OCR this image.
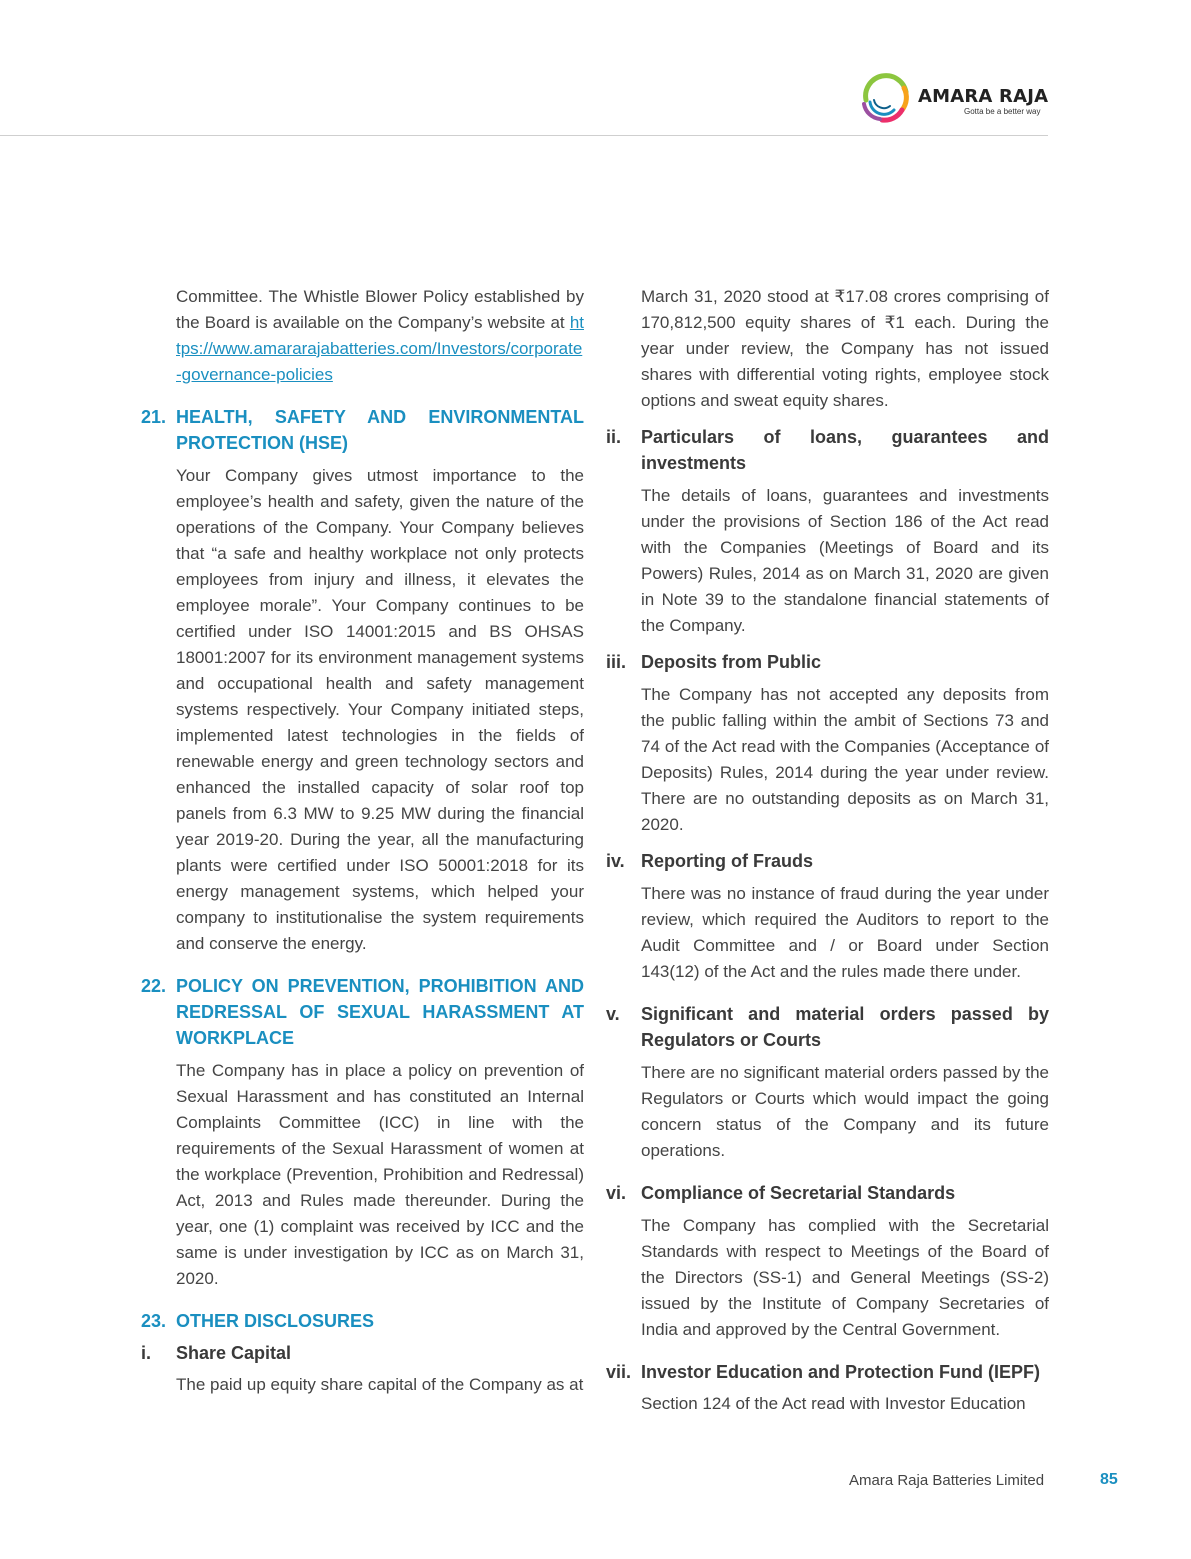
AMARA RAJA
Gotta be a better way

Committee. The Whistle Blower Policy established by the Board is available on the Company’s website at https://www.amararajabatteries.com/Investors/corporate-governance-policies

21. HEALTH, SAFETY AND ENVIRONMENTAL PROTECTION (HSE)

Your Company gives utmost importance to the employee’s health and safety, given the nature of the operations of the Company. Your Company believes that “a safe and healthy workplace not only protects employees from injury and illness, it elevates the employee morale”. Your Company continues to be certified under ISO 14001:2015 and BS OHSAS 18001:2007 for its environment management systems and occupational health and safety management systems respectively. Your Company initiated steps, implemented latest technologies in the fields of renewable energy and green technology sectors and enhanced the installed capacity of solar roof top panels from 6.3 MW to 9.25 MW during the financial year 2019-20. During the year, all the manufacturing plants were certified under ISO 50001:2018 for its energy management systems, which helped your company to institutionalise the system requirements and conserve the energy.

22. POLICY ON PREVENTION, PROHIBITION AND REDRESSAL OF SEXUAL HARASSMENT AT WORKPLACE

The Company has in place a policy on prevention of Sexual Harassment and has constituted an Internal Complaints Committee (ICC) in line with the requirements of the Sexual Harassment of women at the workplace (Prevention, Prohibition and Redressal) Act, 2013 and Rules made thereunder. During the year, one (1) complaint was received by ICC and the same is under investigation by ICC as on March 31, 2020.

23. OTHER DISCLOSURES
i. Share Capital

The paid up equity share capital of the Company as at

March 31, 2020 stood at ₹17.08 crores comprising of 170,812,500 equity shares of ₹1 each. During the year under review, the Company has not issued shares with differential voting rights, employee stock options and sweat equity shares.

ii. Particulars of loans, guarantees and investments

The details of loans, guarantees and investments under the provisions of Section 186 of the Act read with the Companies (Meetings of Board and its Powers) Rules, 2014 as on March 31, 2020 are given in Note 39 to the standalone financial statements of the Company.

iii. Deposits from Public

The Company has not accepted any deposits from the public falling within the ambit of Sections 73 and 74 of the Act read with the Companies (Acceptance of Deposits) Rules, 2014 during the year under review. There are no outstanding deposits as on March 31, 2020.

iv. Reporting of Frauds

There was no instance of fraud during the year under review, which required the Auditors to report to the Audit Committee and / or Board under Section 143(12) of the Act and the rules made there under.

v. Significant and material orders passed by Regulators or Courts

There are no significant material orders passed by the Regulators or Courts which would impact the going concern status of the Company and its future operations.

vi. Compliance of Secretarial Standards

The Company has complied with the Secretarial Standards with respect to Meetings of the Board of the Directors (SS-1) and General Meetings (SS-2) issued by the Institute of Company Secretaries of India and approved by the Central Government.

vii. Investor Education and Protection Fund (IEPF)

Section 124 of the Act read with Investor Education

Amara Raja Batteries Limited	85
